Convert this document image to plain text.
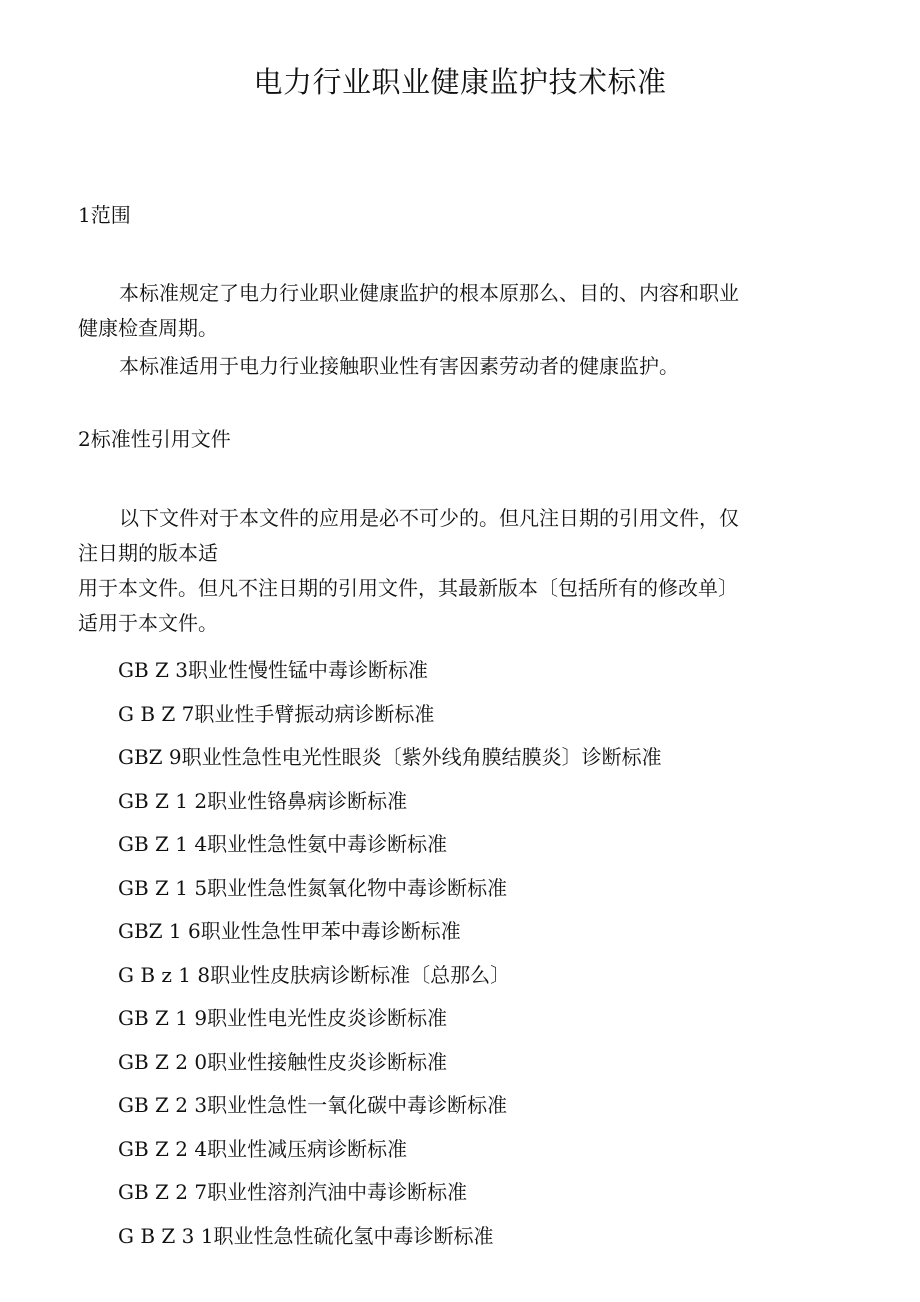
电力行业职业健康监护技术标准
1范围
本标准规定了电力行业职业健康监护的根本原那么、目的、内容和职业
健康检查周期。
本标准适用于电力行业接触职业性有害因素劳动者的健康监护。
2标准性引用文件
以下文件对于本文件的应用是必不可少的。但凡注日期的引用文件，仅
注日期的版本适
用于本文件。但凡不注日期的引用文件，其最新版本〔包括所有的修改单〕
适用于本文件。
GB Z 3职业性慢性锰中毒诊断标准
G B Z 7职业性手臂振动病诊断标准
GBZ 9职业性急性电光性眼炎〔紫外线角膜结膜炎〕诊断标准
GB Z 1 2职业性铬鼻病诊断标准
GB Z 1 4职业性急性氨中毒诊断标准
GB Z 1 5职业性急性氮氧化物中毒诊断标准
GBZ 1 6职业性急性甲苯中毒诊断标准
G B z 1 8职业性皮肤病诊断标准〔总那么〕
GB Z 1 9职业性电光性皮炎诊断标准
GB Z 2 0职业性接触性皮炎诊断标准
GB Z 2 3职业性急性一氧化碳中毒诊断标准
GB Z 2 4职业性减压病诊断标准
GB Z 2 7职业性溶剂汽油中毒诊断标准
G B Z 3 1职业性急性硫化氢中毒诊断标准
